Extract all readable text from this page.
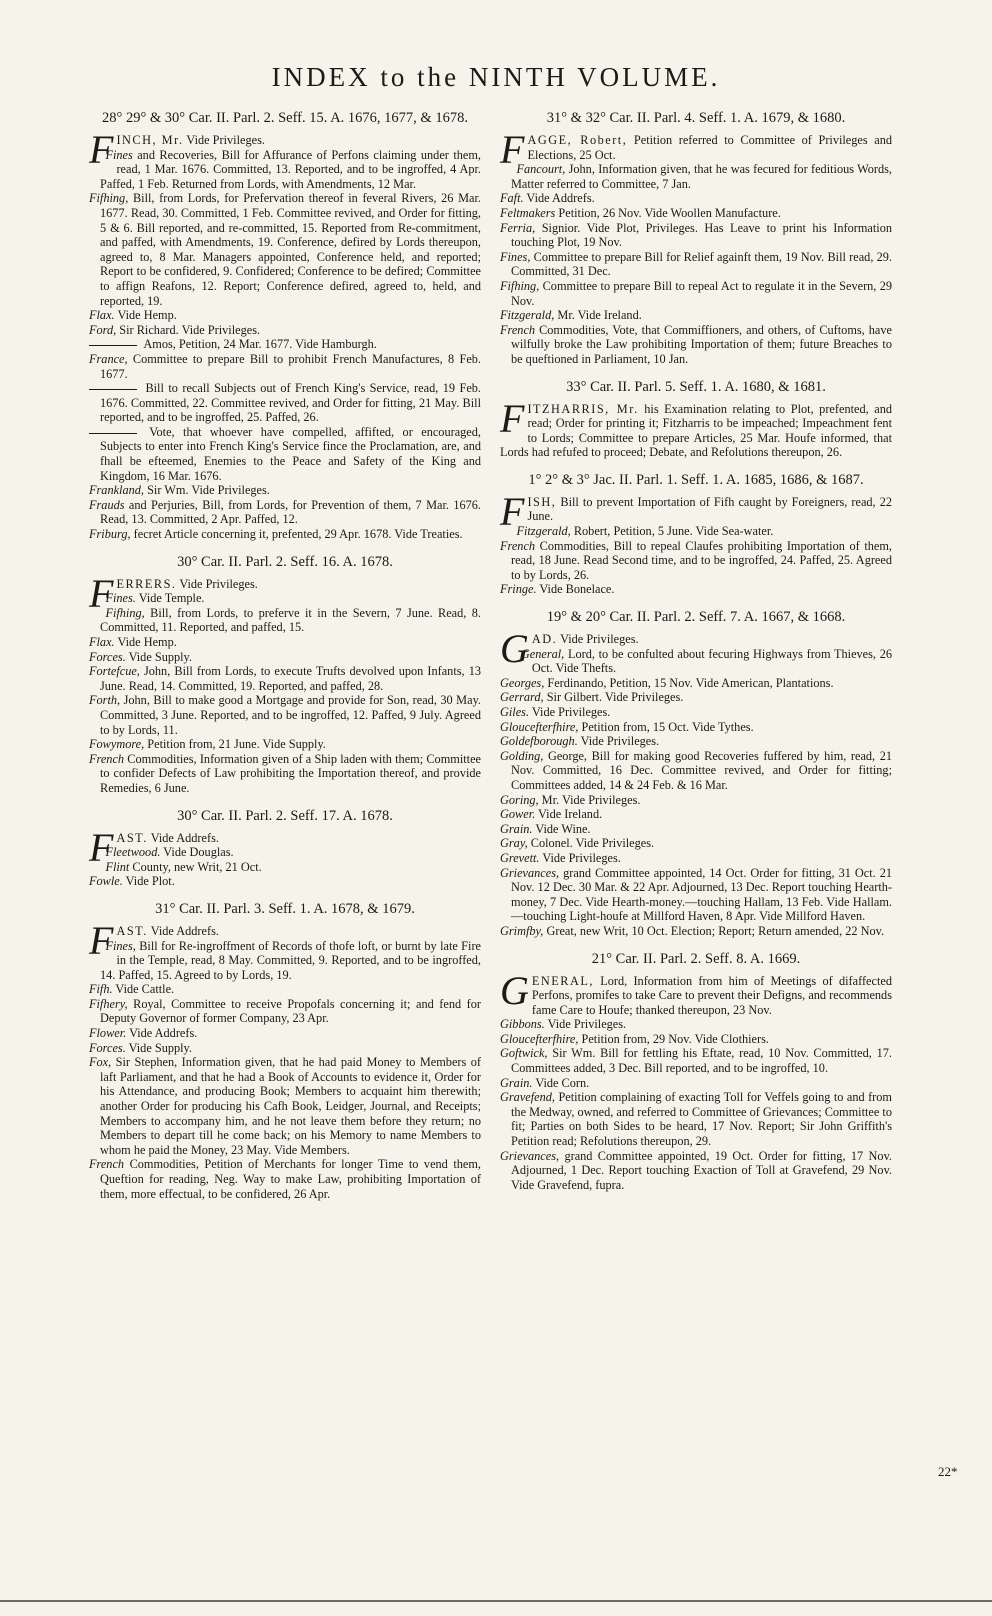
INDEX to the NINTH VOLUME.
28° 29° & 30° Car. II. Parl. 2. Seff. 15. A. 1676, 1677, & 1678.

FINCH, Mr. Vide Privileges.

Fines and Recoveries, Bill for Affurance of Perfons claiming under them, read, 1 Mar. 1676. Committed, 13. Reported, and to be ingroffed, 4 Apr. Paffed, 1 Feb. Returned from Lords, with Amendments, 12 Mar.

Fifhing, Bill, from Lords, for Prefervation thereof in feveral Rivers, 26 Mar. 1677. Read, 30. Committed, 1 Feb. Committee revived, and Order for fitting, 5 & 6. Bill reported, and re-committed, 15. Reported from Re-commitment, and paffed, with Amendments, 19. Conference, defired by Lords thereupon, agreed to, 8 Mar. Managers appointed, Conference held, and reported; Report to be confidered, 9. Confidered; Conference to be defired; Committee to affign Reafons, 12. Report; Conference defired, agreed to, held, and reported, 19.

Flax. Vide Hemp.

Ford, Sir Richard. Vide Privileges.

Amos, Petition, 24 Mar. 1677. Vide Hamburgh.

France, Committee to prepare Bill to prohibit French Manufactures, 8 Feb. 1677.

Bill to recall Subjects out of French King's Service, read, 19 Feb. 1676. Committed, 22. Committee revived, and Order for fitting, 21 May. Bill reported, and to be ingroffed, 25. Paffed, 26.

Vote, that whoever have compelled, affifted, or encouraged, Subjects to enter into French King's Service fince the Proclamation, are, and fhall be efteemed, Enemies to the Peace and Safety of the King and Kingdom, 16 Mar. 1676.

Frankland, Sir Wm. Vide Privileges.

Frauds and Perjuries, Bill, from Lords, for Prevention of them, 7 Mar. 1676. Read, 13. Committed, 2 Apr. Paffed, 12.

Friburg, fecret Article concerning it, prefented, 29 Apr. 1678. Vide Treaties.

30° Car. II. Parl. 2. Seff. 16. A. 1678.

FERRERS. Vide Privileges.

Fines. Vide Temple.

Fifhing, Bill, from Lords, to preferve it in the Severn, 7 June. Read, 8. Committed, 11. Reported, and paffed, 15.

Flax. Vide Hemp.

Forces. Vide Supply.

Fortefcue, John, Bill from Lords, to execute Trufts devolved upon Infants, 13 June. Read, 14. Committed, 19. Reported, and paffed, 28.

Forth, John, Bill to make good a Mortgage and provide for Son, read, 30 May. Committed, 3 June. Reported, and to be ingroffed, 12. Paffed, 9 July. Agreed to by Lords, 11.

Fowymore, Petition from, 21 June. Vide Supply.

French Commodities, Information given of a Ship laden with them; Committee to confider Defects of Law prohibiting the Importation thereof, and provide Remedies, 6 June.

30° Car. II. Parl. 2. Seff. 17. A. 1678.

FAST. Vide Addrefs.

Fleetwood. Vide Douglas.

Flint County, new Writ, 21 Oct.

Fowle. Vide Plot.

31° Car. II. Parl. 3. Seff. 1. A. 1678, & 1679.

FAST. Vide Addrefs.

Fines, Bill for Re-ingroffment of Records of thofe loft, or burnt by late Fire in the Temple, read, 8 May. Committed, 9. Reported, and to be ingroffed, 14. Paffed, 15. Agreed to by Lords, 19.

Fifh. Vide Cattle.

Fifhery, Royal, Committee to receive Propofals concerning it; and fend for Deputy Governor of former Company, 23 Apr.

Flower. Vide Addrefs.

Forces. Vide Supply.

Fox, Sir Stephen, Information given, that he had paid Money to Members of laft Parliament, and that he had a Book of Accounts to evidence it, Order for his Attendance, and producing Book; Members to acquaint him therewith; another Order for producing his Cafh Book, Leidger, Journal, and Receipts; Members to accompany him, and he not leave them before they return; no Members to depart till he come back; on his Memory to name Members to whom he paid the Money, 23 May. Vide Members.

French Commodities, Petition of Merchants for longer Time to vend them, Queftion for reading, Neg. Way to make Law, prohibiting Importation of them, more effectual, to be confidered, 26 Apr.

31° & 32° Car. II. Parl. 4. Seff. 1. A. 1679, & 1680.

FAGGE, Robert, Petition referred to Committee of Privileges and Elections, 25 Oct.

Fancourt, John, Information given, that he was fecured for feditious Words, Matter referred to Committee, 7 Jan.

Faft. Vide Addrefs.

Feltmakers Petition, 26 Nov. Vide Woollen Manufacture.

Ferria, Signior. Vide Plot, Privileges. Has Leave to print his Information touching Plot, 19 Nov.

Fines, Committee to prepare Bill for Relief againft them, 19 Nov. Bill read, 29. Committed, 31 Dec.

Fifhing, Committee to prepare Bill to repeal Act to regulate it in the Severn, 29 Nov.

Fitzgerald, Mr. Vide Ireland.

French Commodities, Vote, that Commiffioners, and others, of Cuftoms, have wilfully broke the Law prohibiting Importation of them; future Breaches to be queftioned in Parliament, 10 Jan.

33° Car. II. Parl. 5. Seff. 1. A. 1680, & 1681.

FITZHARRIS, Mr. his Examination relating to Plot, prefented, and read; Order for printing it; Fitzharris to be impeached; Impeachment fent to Lords; Committee to prepare Articles, 25 Mar. Houfe informed, that Lords had refufed to proceed; Debate, and Refolutions thereupon, 26.

1° 2° & 3° Jac. II. Parl. 1. Seff. 1. A. 1685, 1686, & 1687.

FISH, Bill to prevent Importation of Fifh caught by Foreigners, read, 22 June.

Fitzgerald, Robert, Petition, 5 June. Vide Sea-water.

French Commodities, Bill to repeal Claufes prohibiting Importation of them, read, 18 June. Read Second time, and to be ingroffed, 24. Paffed, 25. Agreed to by Lords, 26.

Fringe. Vide Bonelace.

19° & 20° Car. II. Parl. 2. Seff. 7. A. 1667, & 1668.

GAD. Vide Privileges.

General, Lord, to be confulted about fecuring Highways from Thieves, 26 Oct. Vide Thefts.

Georges, Ferdinando, Petition, 15 Nov. Vide American, Plantations.

Gerrard, Sir Gilbert. Vide Privileges.

Giles. Vide Privileges.

Gloucefterfhire, Petition from, 15 Oct. Vide Tythes.

Goldefborough. Vide Privileges.

Golding, George, Bill for making good Recoveries fuffered by him, read, 21 Nov. Committed, 16 Dec. Committee revived, and Order for fitting; Committees added, 14 & 24 Feb. & 16 Mar.

Goring, Mr. Vide Privileges.

Gower. Vide Ireland.

Grain. Vide Wine.

Gray, Colonel. Vide Privileges.

Grevett. Vide Privileges.

Grievances, grand Committee appointed, 14 Oct. Order for fitting, 31 Oct. 21 Nov. 12 Dec. 30 Mar. & 22 Apr. Adjourned, 13 Dec. Report touching Hearth-money, 7 Dec. Vide Hearth-money.—touching Hallam, 13 Feb. Vide Hallam. —touching Light-houfe at Millford Haven, 8 Apr. Vide Millford Haven.

Grimfby, Great, new Writ, 10 Oct. Election; Report; Return amended, 22 Nov.

21° Car. II. Parl. 2. Seff. 8. A. 1669.

GENERAL, Lord, Information from him of Meetings of difaffected Perfons, promifes to take Care to prevent their Defigns, and recommends fame Care to Houfe; thanked thereupon, 23 Nov.

Gibbons. Vide Privileges.

Gloucefterfhire, Petition from, 29 Nov. Vide Clothiers.

Goftwick, Sir Wm. Bill for fettling his Eftate, read, 10 Nov. Committed, 17. Committees added, 3 Dec. Bill reported, and to be ingroffed, 10.

Grain. Vide Corn.

Gravefend, Petition complaining of exacting Toll for Veffels going to and from the Medway, owned, and referred to Committee of Grievances; Committee to fit; Parties on both Sides to be heard, 17 Nov. Report; Sir John Griffith's Petition read; Refolutions thereupon, 29.

Grievances, grand Committee appointed, 19 Oct. Order for fitting, 17 Nov. Adjourned, 1 Dec. Report touching Exaction of Toll at Gravefend, 29 Nov. Vide Gravefend, fupra.

22*
